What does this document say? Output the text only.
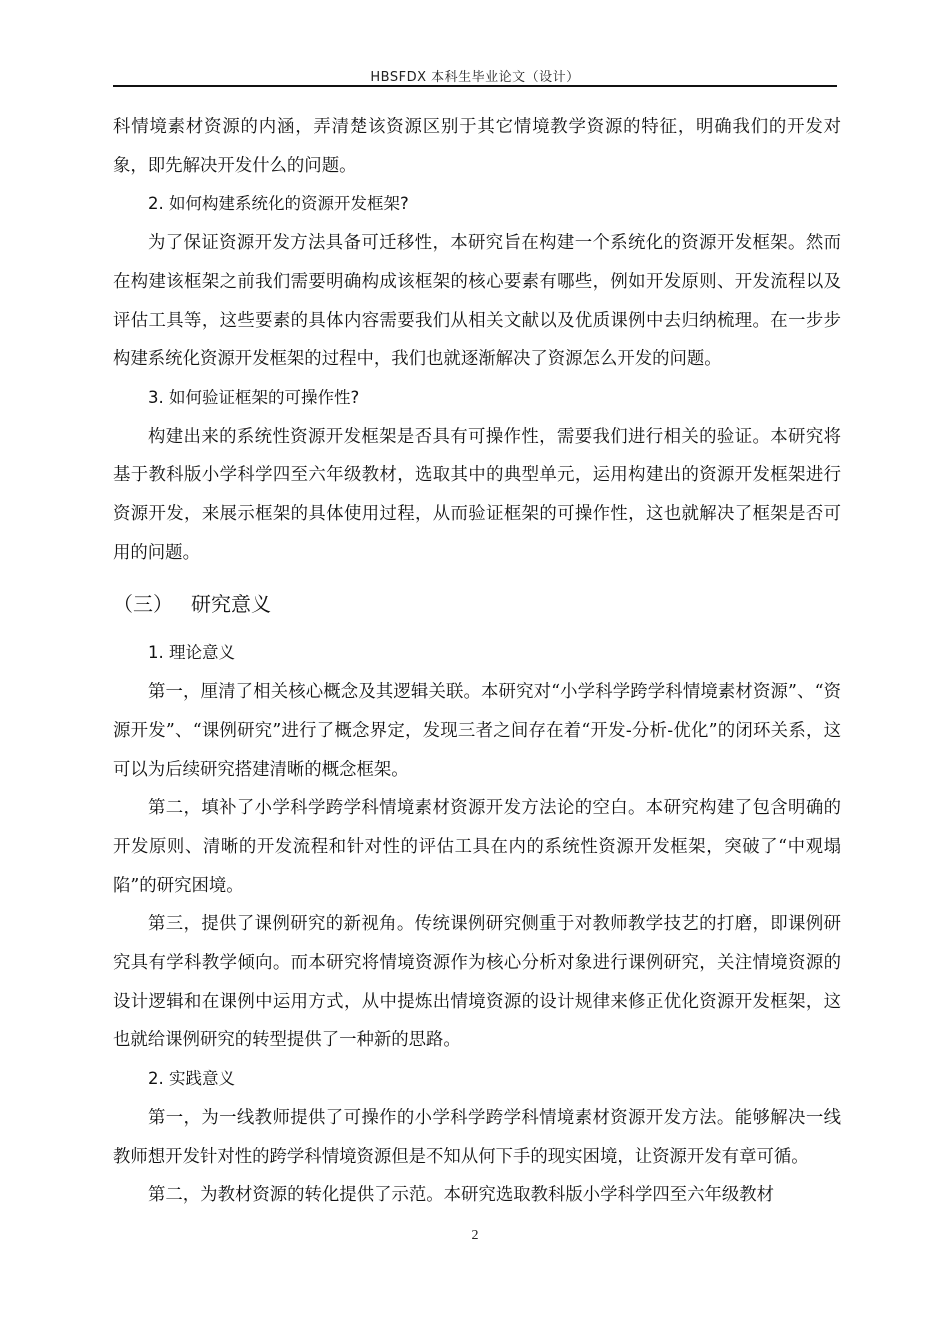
HBSFDX 本科生毕业论文（设计）

科情境素材资源的内涵，弄清楚该资源区别于其它情境教学资源的特征，明确我们的开发对象，即先解决开发什么的问题。

2. 如何构建系统化的资源开发框架?

为了保证资源开发方法具备可迁移性，本研究旨在构建一个系统化的资源开发框架。然而在构建该框架之前我们需要明确构成该框架的核心要素有哪些，例如开发原则、开发流程以及评估工具等，这些要素的具体内容需要我们从相关文献以及优质课例中去归纳梳理。在一步步构建系统化资源开发框架的过程中，我们也就逐渐解决了资源怎么开发的问题。

3. 如何验证框架的可操作性?

构建出来的系统性资源开发框架是否具有可操作性，需要我们进行相关的验证。本研究将基于教科版小学科学四至六年级教材，选取其中的典型单元，运用构建出的资源开发框架进行资源开发，来展示框架的具体使用过程，从而验证框架的可操作性，这也就解决了框架是否可用的问题。

（三） 研究意义

1. 理论意义

第一，厘清了相关核心概念及其逻辑关联。本研究对“小学科学跨学科情境素材资源”、“资源开发”、“课例研究”进行了概念界定，发现三者之间存在着“开发-分析-优化”的闭环关系，这可以为后续研究搭建清晰的概念框架。

第二，填补了小学科学跨学科情境素材资源开发方法论的空白。本研究构建了包含明确的开发原则、清晰的开发流程和针对性的评估工具在内的系统性资源开发框架，突破了“中观塌陷”的研究困境。

第三，提供了课例研究的新视角。传统课例研究侧重于对教师教学技艺的打磨，即课例研究具有学科教学倾向。而本研究将情境资源作为核心分析对象进行课例研究，关注情境资源的设计逻辑和在课例中运用方式，从中提炼出情境资源的设计规律来修正优化资源开发框架，这也就给课例研究的转型提供了一种新的思路。

2. 实践意义

第一，为一线教师提供了可操作的小学科学跨学科情境素材资源开发方法。能够解决一线教师想开发针对性的跨学科情境资源但是不知从何下手的现实困境，让资源开发有章可循。

第二，为教材资源的转化提供了示范。本研究选取教科版小学科学四至六年级教材

2
